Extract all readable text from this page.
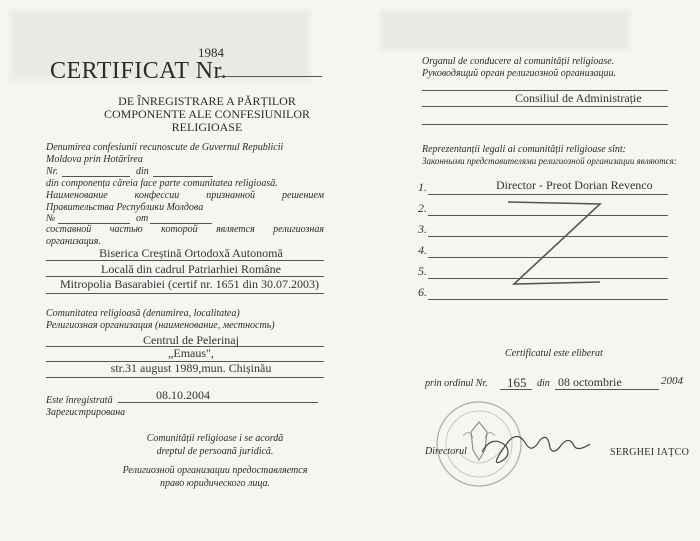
1984
CERTIFICAT Nr.
DE ÎNREGISTRARE A PĂRȚILOR
COMPONENTE ALE CONFESIUNILOR
RELIGIOASE
Denumirea confesiunii recunoscute de Guvernul Republicii
Moldova prin Hotărîrea
Nr.	din
din componența căreia face parte comunitatea religioasă.
Наименование конфессии признанной решением
Правительства Республики Молдова
№	от
составной частью которой является религиозная
организация.
Biserica Creștină Ortodoxă Autonomă
Locală din cadrul Patriarhiei Române
Mitropolia Basarabiei (certif nr. 1651 din 30.07.2003)
Comunitatea religioasă (denumirea, localitatea)
Религиозная организация (наименование, местность)
Centrul de Pelerinaj
„Emaus",
str.31 august 1989,mun. Chișinău
Este înregistrată
Зарегистрирована
08.10.2004
Comunității religioase i se acordă
dreptul de persoană juridică.
Религиозной организации предоставляется
право юридического лица.
Organul de conducere al comunității religioase.
Руководящий орган религиозной организации.
Consiliul de Administrație
Reprezentanții legali ai comunității religioase sînt:
Законными представителями религиозной организации являются:
1.	Director - Preot Dorian Revenco
2.
3.
4.
5.
6.
Certificatul este eliberat
prin ordinul Nr. 165 din 08 octombrie	2004
Directorul	SERGHEI IAȚCO
